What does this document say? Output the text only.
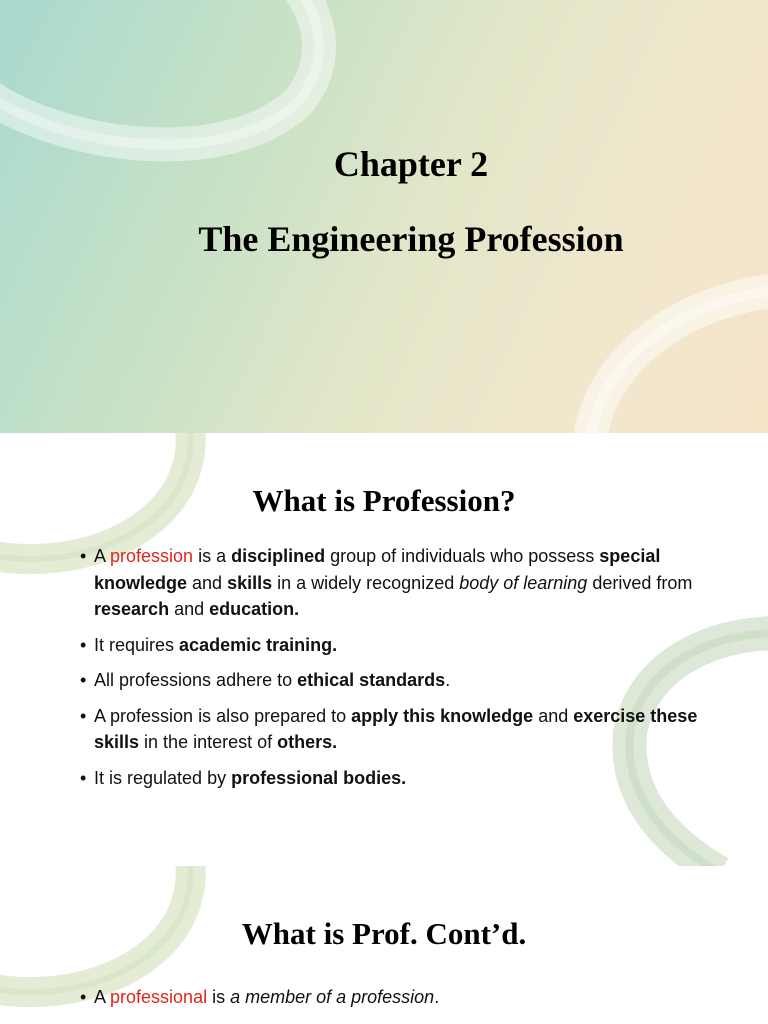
Chapter 2
The Engineering Profession
What is Profession?
• A profession is a disciplined group of individuals who possess special knowledge and skills in a widely recognized body of learning derived from research and education.
• It requires academic training.
• All professions adhere to ethical standards.
• A profession is also prepared to apply this knowledge and exercise these skills in the interest of others.
• It is regulated by professional bodies.
What is Prof. Cont’d.
• A professional is a member of a profession.
